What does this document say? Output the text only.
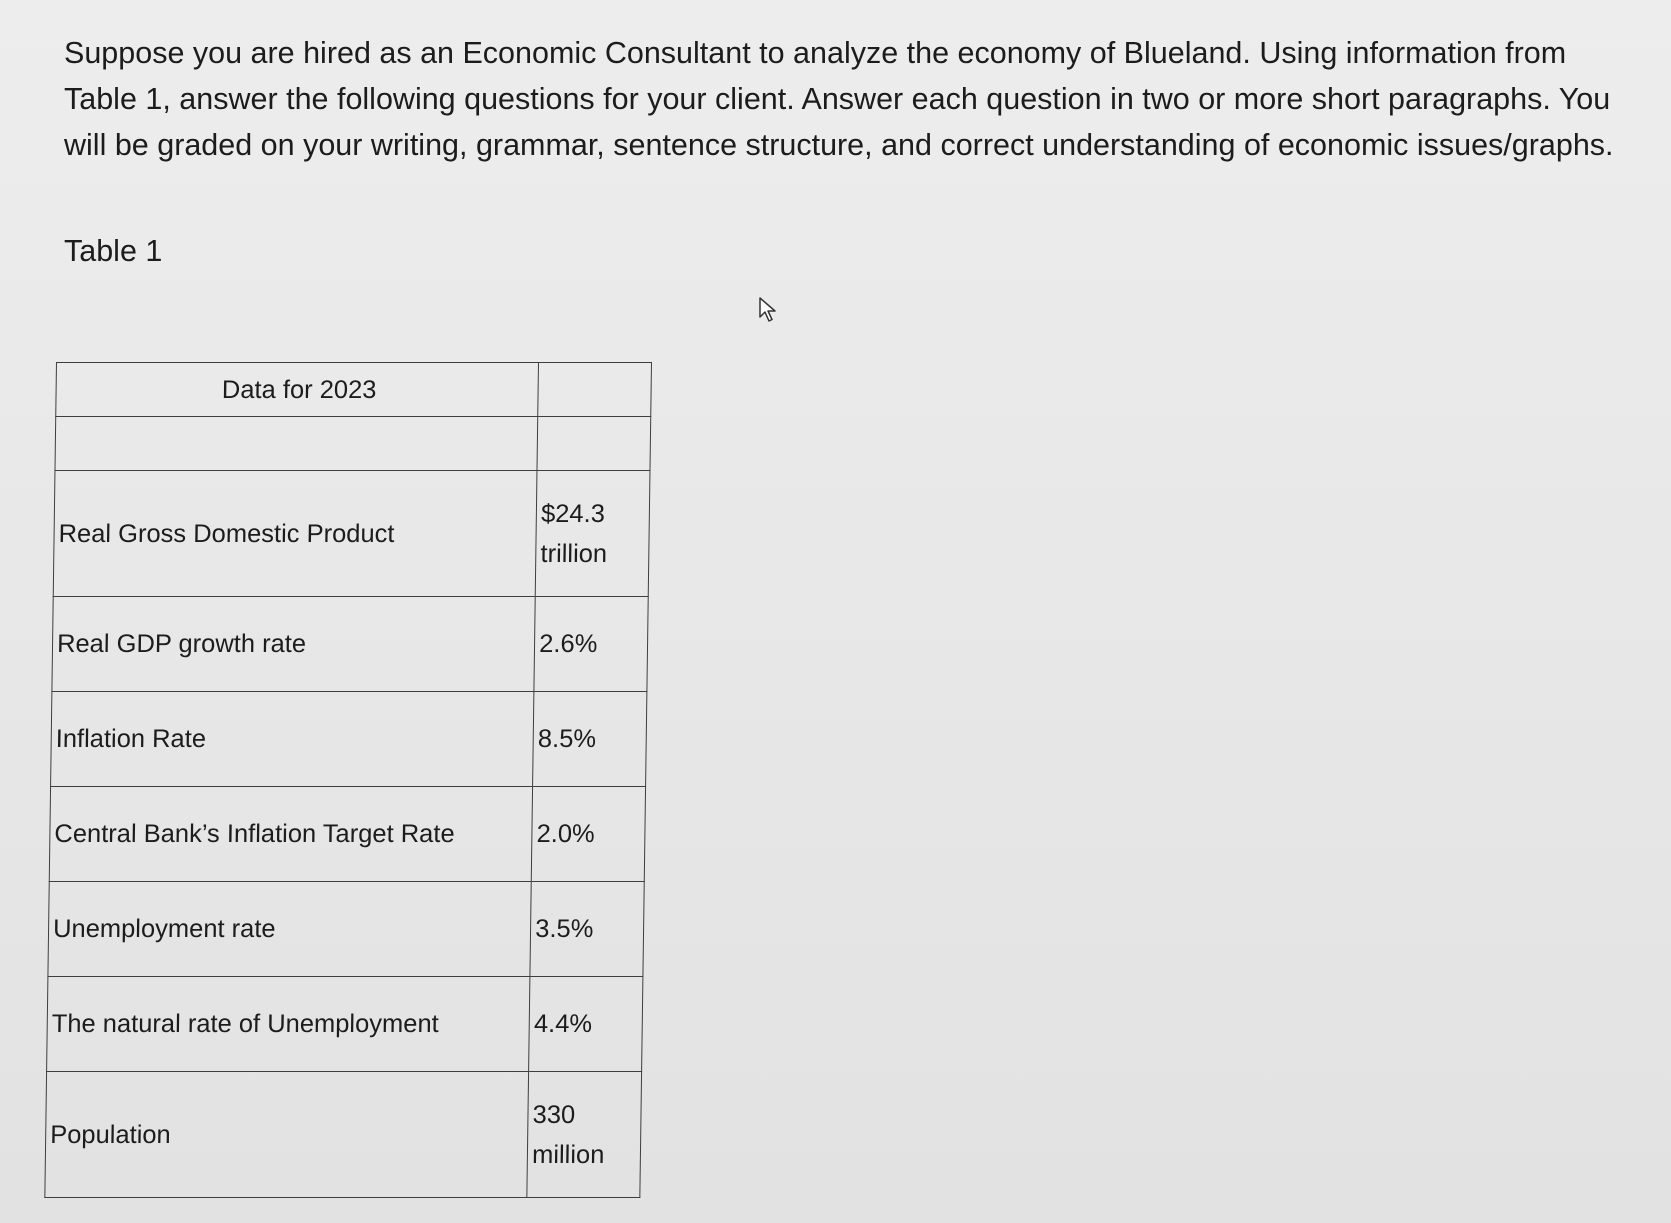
Suppose you are hired as an Economic Consultant to analyze the economy of Blueland. Using information from Table 1, answer the following questions for your client. Answer each question in two or more short paragraphs. You will be graded on your writing, grammar, sentence structure, and correct understanding of economic issues/graphs.

Table 1

Data for 2023	

Real Gross Domestic Product	$24.3 trillion
Real GDP growth rate	2.6%
Inflation Rate	8.5%
Central Bank’s Inflation Target Rate	2.0%
Unemployment rate	3.5%
The natural rate of Unemployment	4.4%
Population	330 million
